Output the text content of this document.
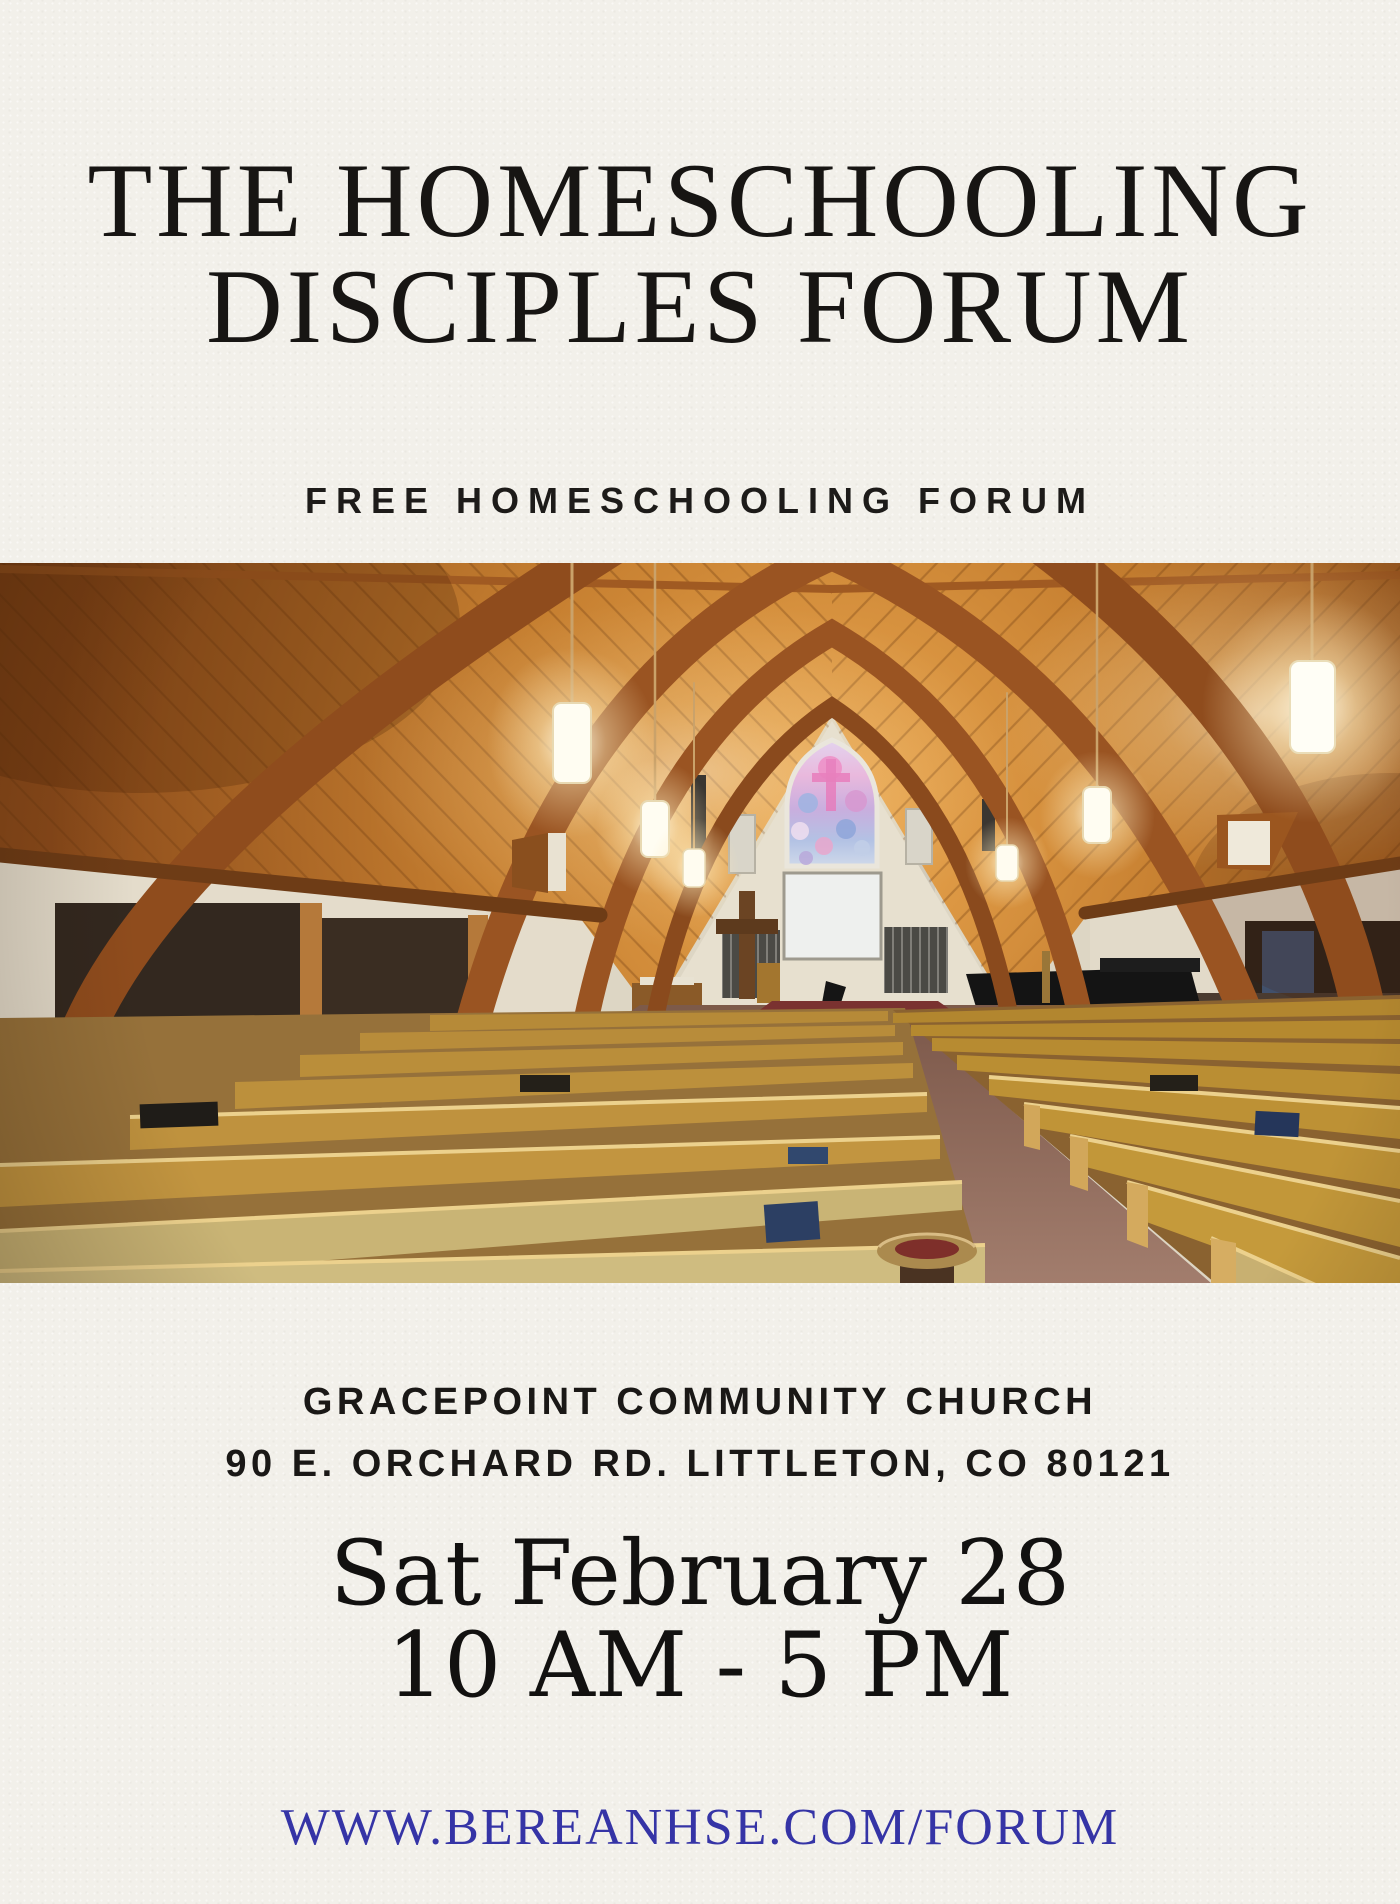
THE HOMESCHOOLING
DISCIPLES FORUM
FREE HOMESCHOOLING FORUM
GRACEPOINT COMMUNITY CHURCH
90 E. ORCHARD RD. LITTLETON, CO 80121
Sat February 28
10 AM - 5 PM
WWW.BEREANHSE.COM/FORUM
